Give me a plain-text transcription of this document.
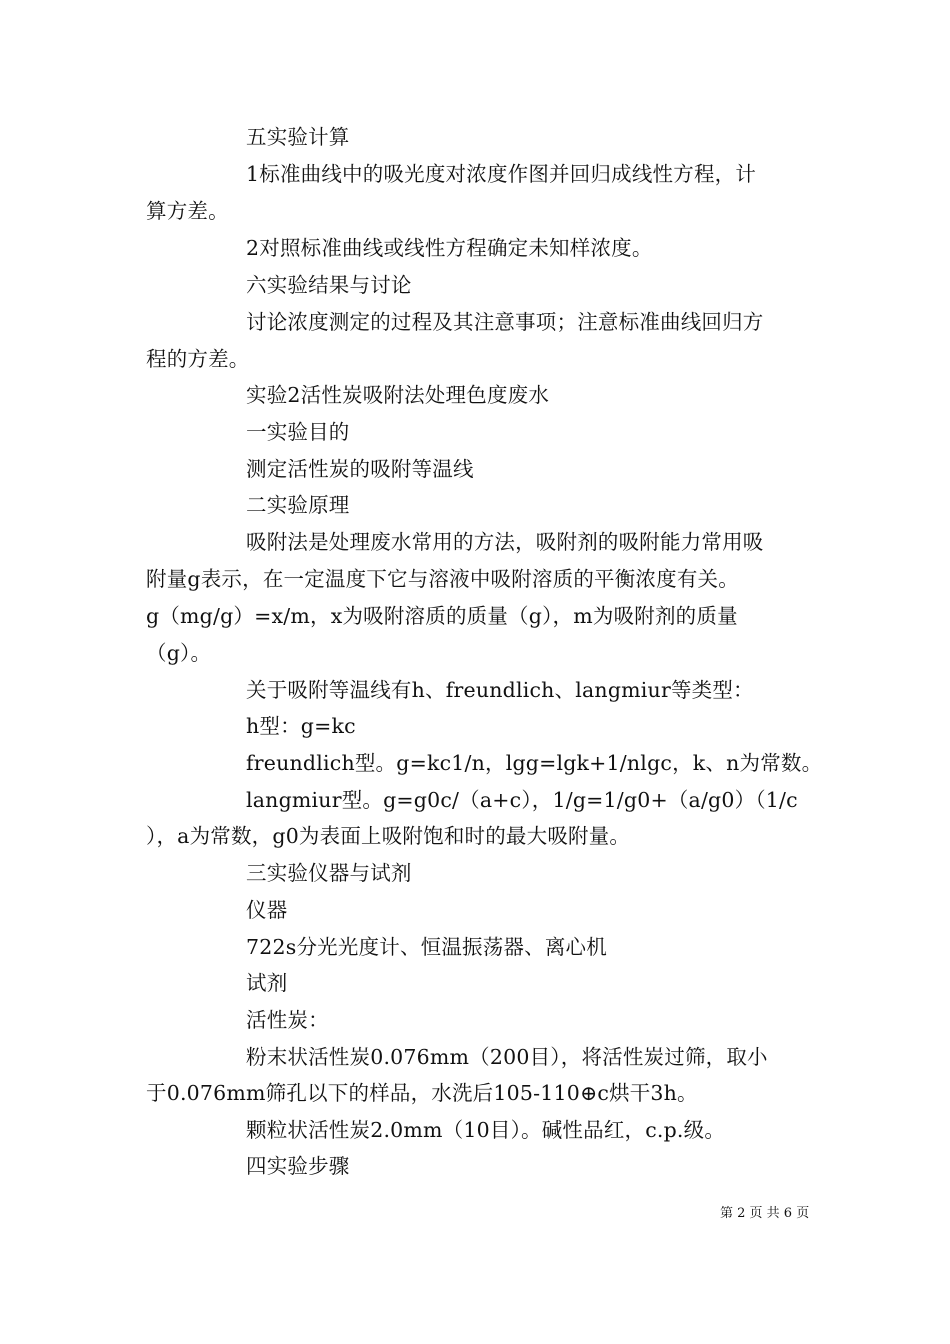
五实验计算
1标准曲线中的吸光度对浓度作图并回归成线性方程，计
算方差。
2对照标准曲线或线性方程确定未知样浓度。
六实验结果与讨论
讨论浓度测定的过程及其注意事项；注意标准曲线回归方
程的方差。
实验2活性炭吸附法处理色度废水
一实验目的
测定活性炭的吸附等温线
二实验原理
吸附法是处理废水常用的方法，吸附剂的吸附能力常用吸
附量g表示，在一定温度下它与溶液中吸附溶质的平衡浓度有关。
g（mg/g）=x/m，x为吸附溶质的质量（g），m为吸附剂的质量
（g）。
关于吸附等温线有h、freundlich、langmiur等类型：
h型：g=kc
freundlich型。g=kc1/n，lgg=lgk+1/nlgc，k、n为常数。
langmiur型。g=g0c/（a+c），1/g=1/g0+（a/g0）（1/c
），a为常数，g0为表面上吸附饱和时的最大吸附量。
三实验仪器与试剂
仪器
722s分光光度计、恒温振荡器、离心机
试剂
活性炭：
粉末状活性炭0.076mm（200目），将活性炭过筛，取小
于0.076mm筛孔以下的样品，水洗后105-110⊕c烘干3h。
颗粒状活性炭2.0mm（10目）。碱性品红，c.p.级。
四实验步骤
第 2 页 共 6 页
